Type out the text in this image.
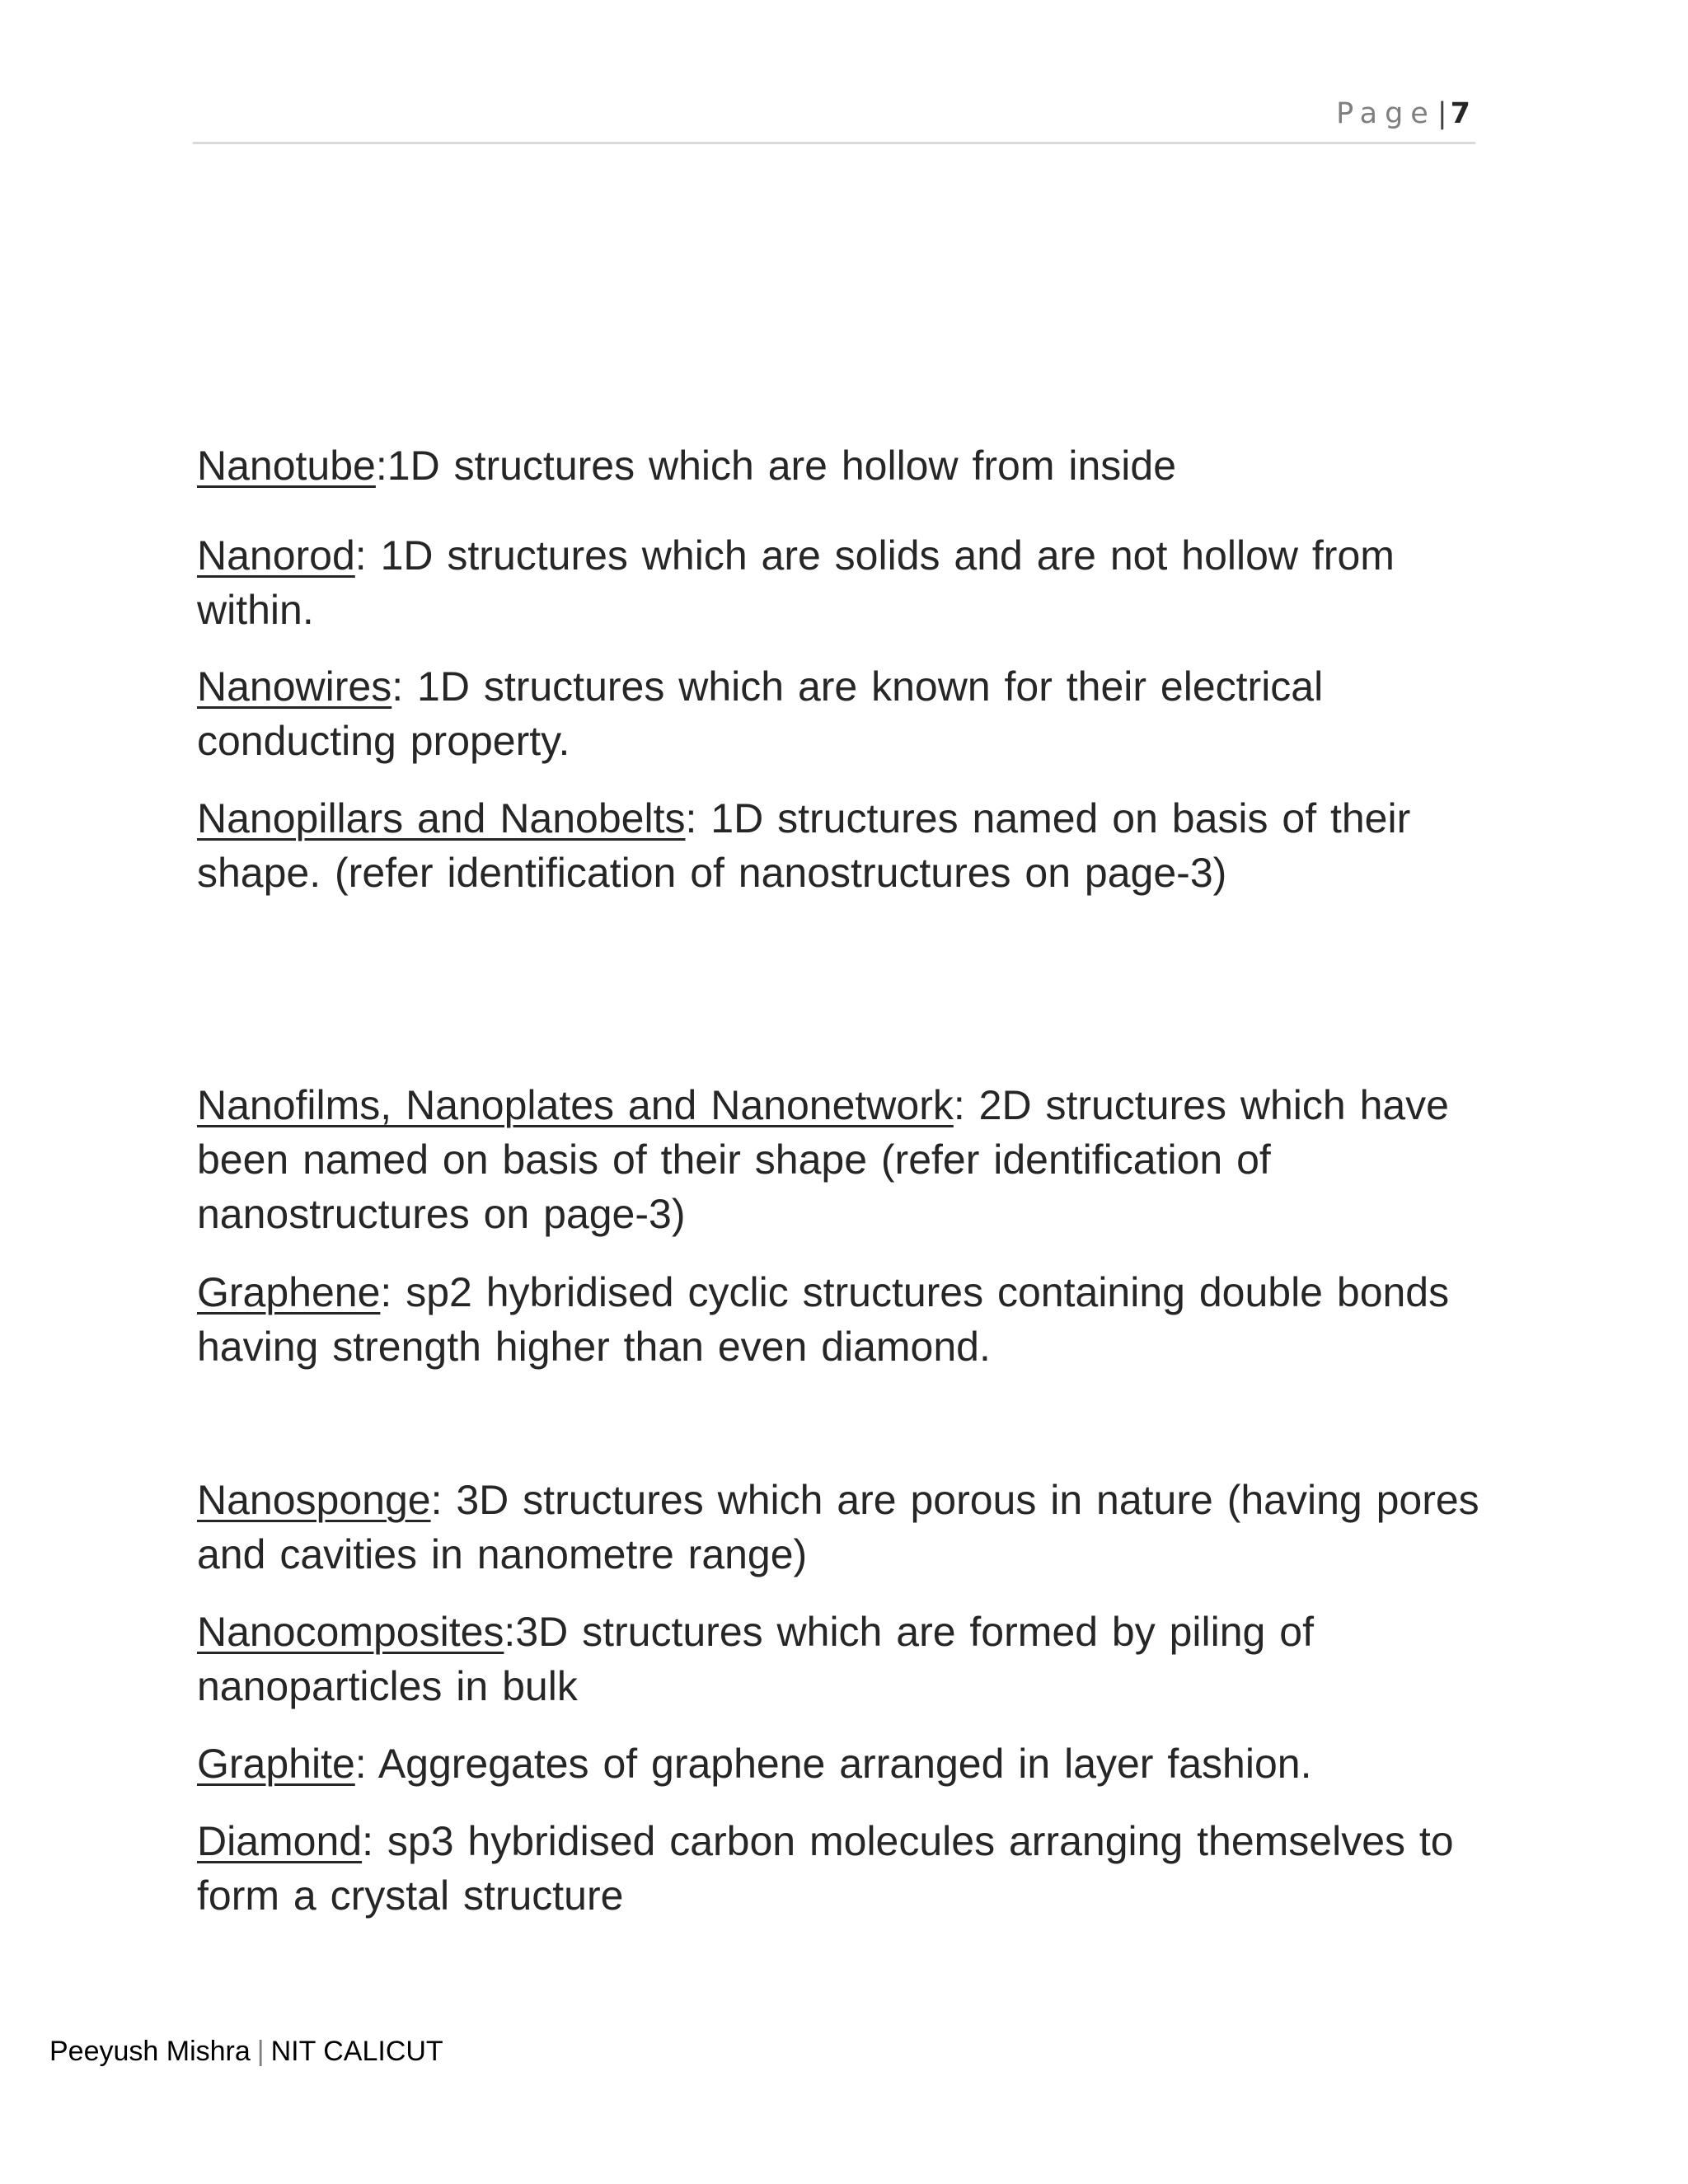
Page| 7

Nanotube:1D structures which are hollow from inside

Nanorod: 1D structures which are solids and are not hollow from within.

Nanowires: 1D structures which are known for their electrical conducting property.

Nanopillars and Nanobelts: 1D structures named on basis of their shape. (refer identification of nanostructures on page-3)

Nanofilms, Nanoplates and Nanonetwork: 2D structures which have been named on basis of their shape (refer identification of nanostructures on page-3)

Graphene: sp2 hybridised cyclic structures containing double bonds having strength higher than even diamond.

Nanosponge: 3D structures which are porous in nature (having pores and cavities in nanometre range)

Nanocomposites:3D structures which are formed by piling of nanoparticles in bulk

Graphite: Aggregates of graphene arranged in layer fashion.

Diamond: sp3 hybridised carbon molecules arranging themselves to form a crystal structure

Peeyush Mishra | NIT CALICUT
